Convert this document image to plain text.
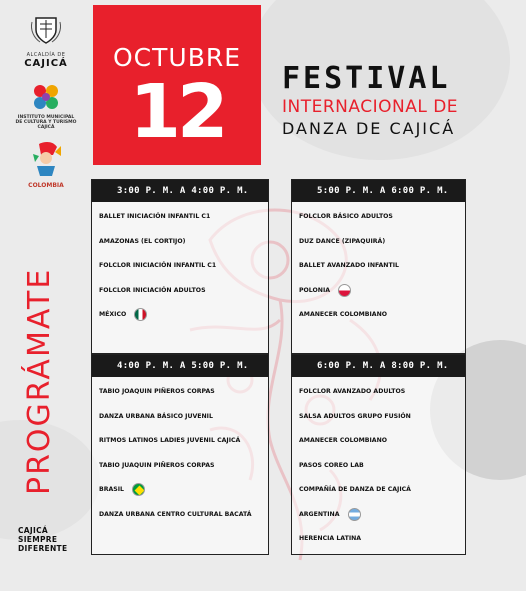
ALCALDÍA DE
CAJICÁ
INSTITUTO MUNICIPAL
DE CULTURA Y TURISMO
CAJICÁ
COLOMBIA
OCTUBRE
12	FESTIVAL
INTERNACIONAL DE
DANZA DE CAJICÁ
PROGRÁMATE
CAJICÁ
SIEMPRE
DIFERENTE
3:00 P. M. A 4:00 P. M.
BALLET INICIACIÓN INFANTIL C1
AMAZONAS (EL CORTIJO)
FOLCLOR INICIACIÓN INFANTIL C1
FOLCLOR INICIACIÓN ADULTOS
MÉXICO
4:00 P. M. A 5:00 P. M.
TABIO JOAQUIN PIÑEROS CORPAS
DANZA URBANA BÁSICO JUVENIL
RITMOS LATINOS LADIES JUVENIL CAJICÁ
TABIO JUAQUIN PIÑEROS CORPAS
BRASIL
DANZA URBANA CENTRO CULTURAL BACATÁ
5:00 P. M. A 6:00 P. M.
FOLCLOR BÁSICO ADULTOS
DUZ DANCE (ZIPAQUIRÁ)
BALLET AVANZADO INFANTIL
POLONIA
AMANECER COLOMBIANO
6:00 P. M. A 8:00 P. M.
FOLCLOR AVANZADO ADULTOS
SALSA ADULTOS GRUPO FUSIÓN
AMANECER COLOMBIANO
PASOS COREO LAB
COMPAÑÍA DE DANZA DE CAJICÁ
ARGENTINA
HERENCIA LATINA
